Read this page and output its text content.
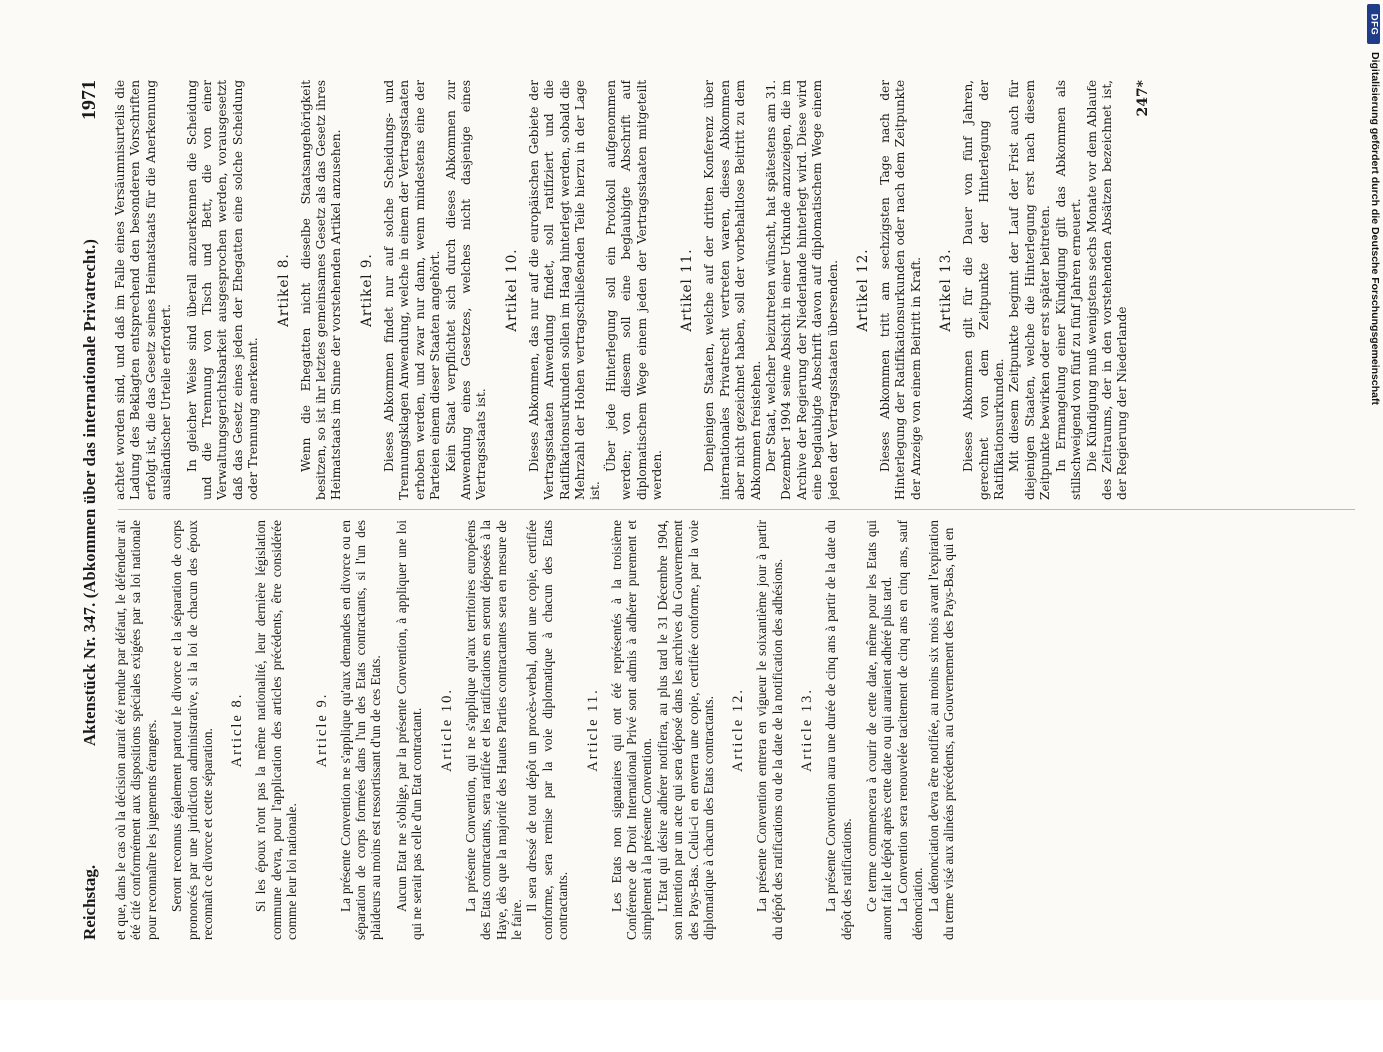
Reichstag.
Aktenstück Nr. 347. (Abkommen über das internationale Privatrecht.)
1971

et que, dans le cas où la décision aurait été rendue par défaut, le défendeur ait été cité conformément aux dispositions spéciales exigées par sa loi nationale pour reconnaître les jugements étrangers. Seront reconnus également partout le divorce et la séparation de corps prononcés par une juridiction administrative, si la loi de chacun des époux reconnaît ce divorce et cette séparation. Article 8. Si les époux n'ont pas la même nationalité, leur dernière législation commune devra, pour l'application des articles précédents, être considérée comme leur loi nationale.

Article 9. La présente Convention ne s'applique qu'aux demandes en divorce ou en séparation de corps formées dans l'un des Etats contractants, si l'un des plaideurs au moins est ressortissant d'un de ces Etats. Aucun Etat ne s'oblige, par la présente Convention, à appliquer une loi qui ne serait pas celle d'un Etat contractant. Article 10. La présente Convention, qui ne s'applique qu'aux territoires européens des Etats contractants, sera ratifiée et les ratifications en seront déposées à la Haye, dès que la majorité des Hautes Parties contractantes sera en mesure de le faire.

Il sera dressé de tout dépôt un procès-verbal, dont une copie, certifiée conforme, sera remise par la voie diplomatique à chacun des Etats contractants.

Article 11. Les Etats non signataires qui ont été représentés à la troisième Conférence de Droit International Privé sont admis à adhérer purement et simplement à la présente Convention. L'Etat qui désire adhérer notifiera, au plus tard le 31 Décembre 1904, son intention par un acte qui sera déposé dans les archives du Gouvernement des Pays-Bas. Celui-ci en enverra une copie, certifiée conforme, par la voie diplomatique à chacun des Etats contractants. Article 12. La présente Convention entrera en vigueur le soixantième jour à partir du dépôt des ratifications ou de la date de la notification des adhésions. Article 13. La présente Convention aura une durée de cinq ans à partir de la date du dépôt des ratifications. Ce terme commencera à courir de cette date, même pour les Etats qui auront fait le dépôt après cette date ou qui auraient adhéré plus tard. La Convention sera renouvelée tacitement de cinq ans en cinq ans, sauf dénonciation. La dénonciation devra être notifiée, au moins six mois avant l'expiration du terme visé aux alinéas précédents, au Gouvernement des Pays-Bas, qui en

achtet worden sind, und daß im Falle eines Versäumnisurteils die Ladung des Beklagten entsprechend den besonderen Vorschriften erfolgt ist, die das Gesetz seines Heimatstaats für die Anerkennung ausländischer Urteile erfordert. In gleicher Weise sind überall anzuerkennen die Scheidung und die Trennung von Tisch und Bett, die von einer Verwaltungsgerichtsbarkeit ausgesprochen werden, vorausgesetzt daß das Gesetz eines jeden der Ehegatten eine solche Scheidung oder Trennung anerkennt.

Artikel 8. Wenn die Ehegatten nicht dieselbe Staatsangehörigkeit besitzen, so ist ihr letztes gemeinsames Gesetz als das Gesetz ihres Heimatstaats im Sinne der vorstehenden Artikel anzusehen. Artikel 9. Dieses Abkommen findet nur auf solche Scheidungs- und Trennungsklagen Anwendung, welche in einem der Vertragsstaaten erhoben werden, und zwar nur dann, wenn mindestens eine der Parteien einem dieser Staaten angehört. Kein Staat verpflichtet sich durch dieses Abkommen zur Anwendung eines Gesetzes, welches nicht dasjenige eines Vertragsstaats ist.

Artikel 10. Dieses Abkommen, das nur auf die europäischen Gebiete der Vertragsstaaten Anwendung findet, soll ratifiziert und die Ratifikationsurkunden sollen im Haag hinterlegt werden, sobald die Mehrzahl der Hohen vertragschließenden Teile hierzu in der Lage ist.

Über jede Hinterlegung soll ein Protokoll aufgenommen werden; von diesem soll eine beglaubigte Abschrift auf diplomatischem Wege einem jeden der Vertragsstaaten mitgeteilt werden.

Artikel 11. Denjenigen Staaten, welche auf der dritten Konferenz über internationales Privatrecht vertreten waren, dieses Abkommen aber nicht gezeichnet haben, soll der vorbehaltlose Beitritt zu dem Abkommen freistehen. Der Staat, welcher beizutreten wünscht, hat spätestens am 31. Dezember 1904 seine Absicht in einer Urkunde anzuzeigen, die im Archive der Regierung der Niederlande hinterlegt wird. Diese wird eine beglaubigte Abschrift davon auf diplomatischem Wege einem jeden der Vertragsstaaten übersenden. Artikel 12. Dieses Abkommen tritt am sechzigsten Tage nach der Hinterlegung der Ratifikationsurkunden oder nach dem Zeitpunkte der Anzeige von einem Beitritt in Kraft. Artikel 13. Dieses Abkommen gilt für die Dauer von fünf Jahren, gerechnet von dem Zeitpunkte der Hinterlegung der Ratifikationsurkunden. Mit diesem Zeitpunkte beginnt der Lauf der Frist auch für diejenigen Staaten, welche die Hinterlegung erst nach diesem Zeitpunkte bewirken oder erst später beitreten. In Ermangelung einer Kündigung gilt das Abkommen als stillschweigend von fünf zu fünf Jahren erneuert. Die Kündigung muß wenigstens sechs Monate vor dem Ablaufe des Zeitraums, der in den vorstehenden Absätzen bezeichnet ist, der Regierung der Niederlande

247*
DFG
Digitalisierung gefördert durch die Deutsche Forschungsgemeinschaft
